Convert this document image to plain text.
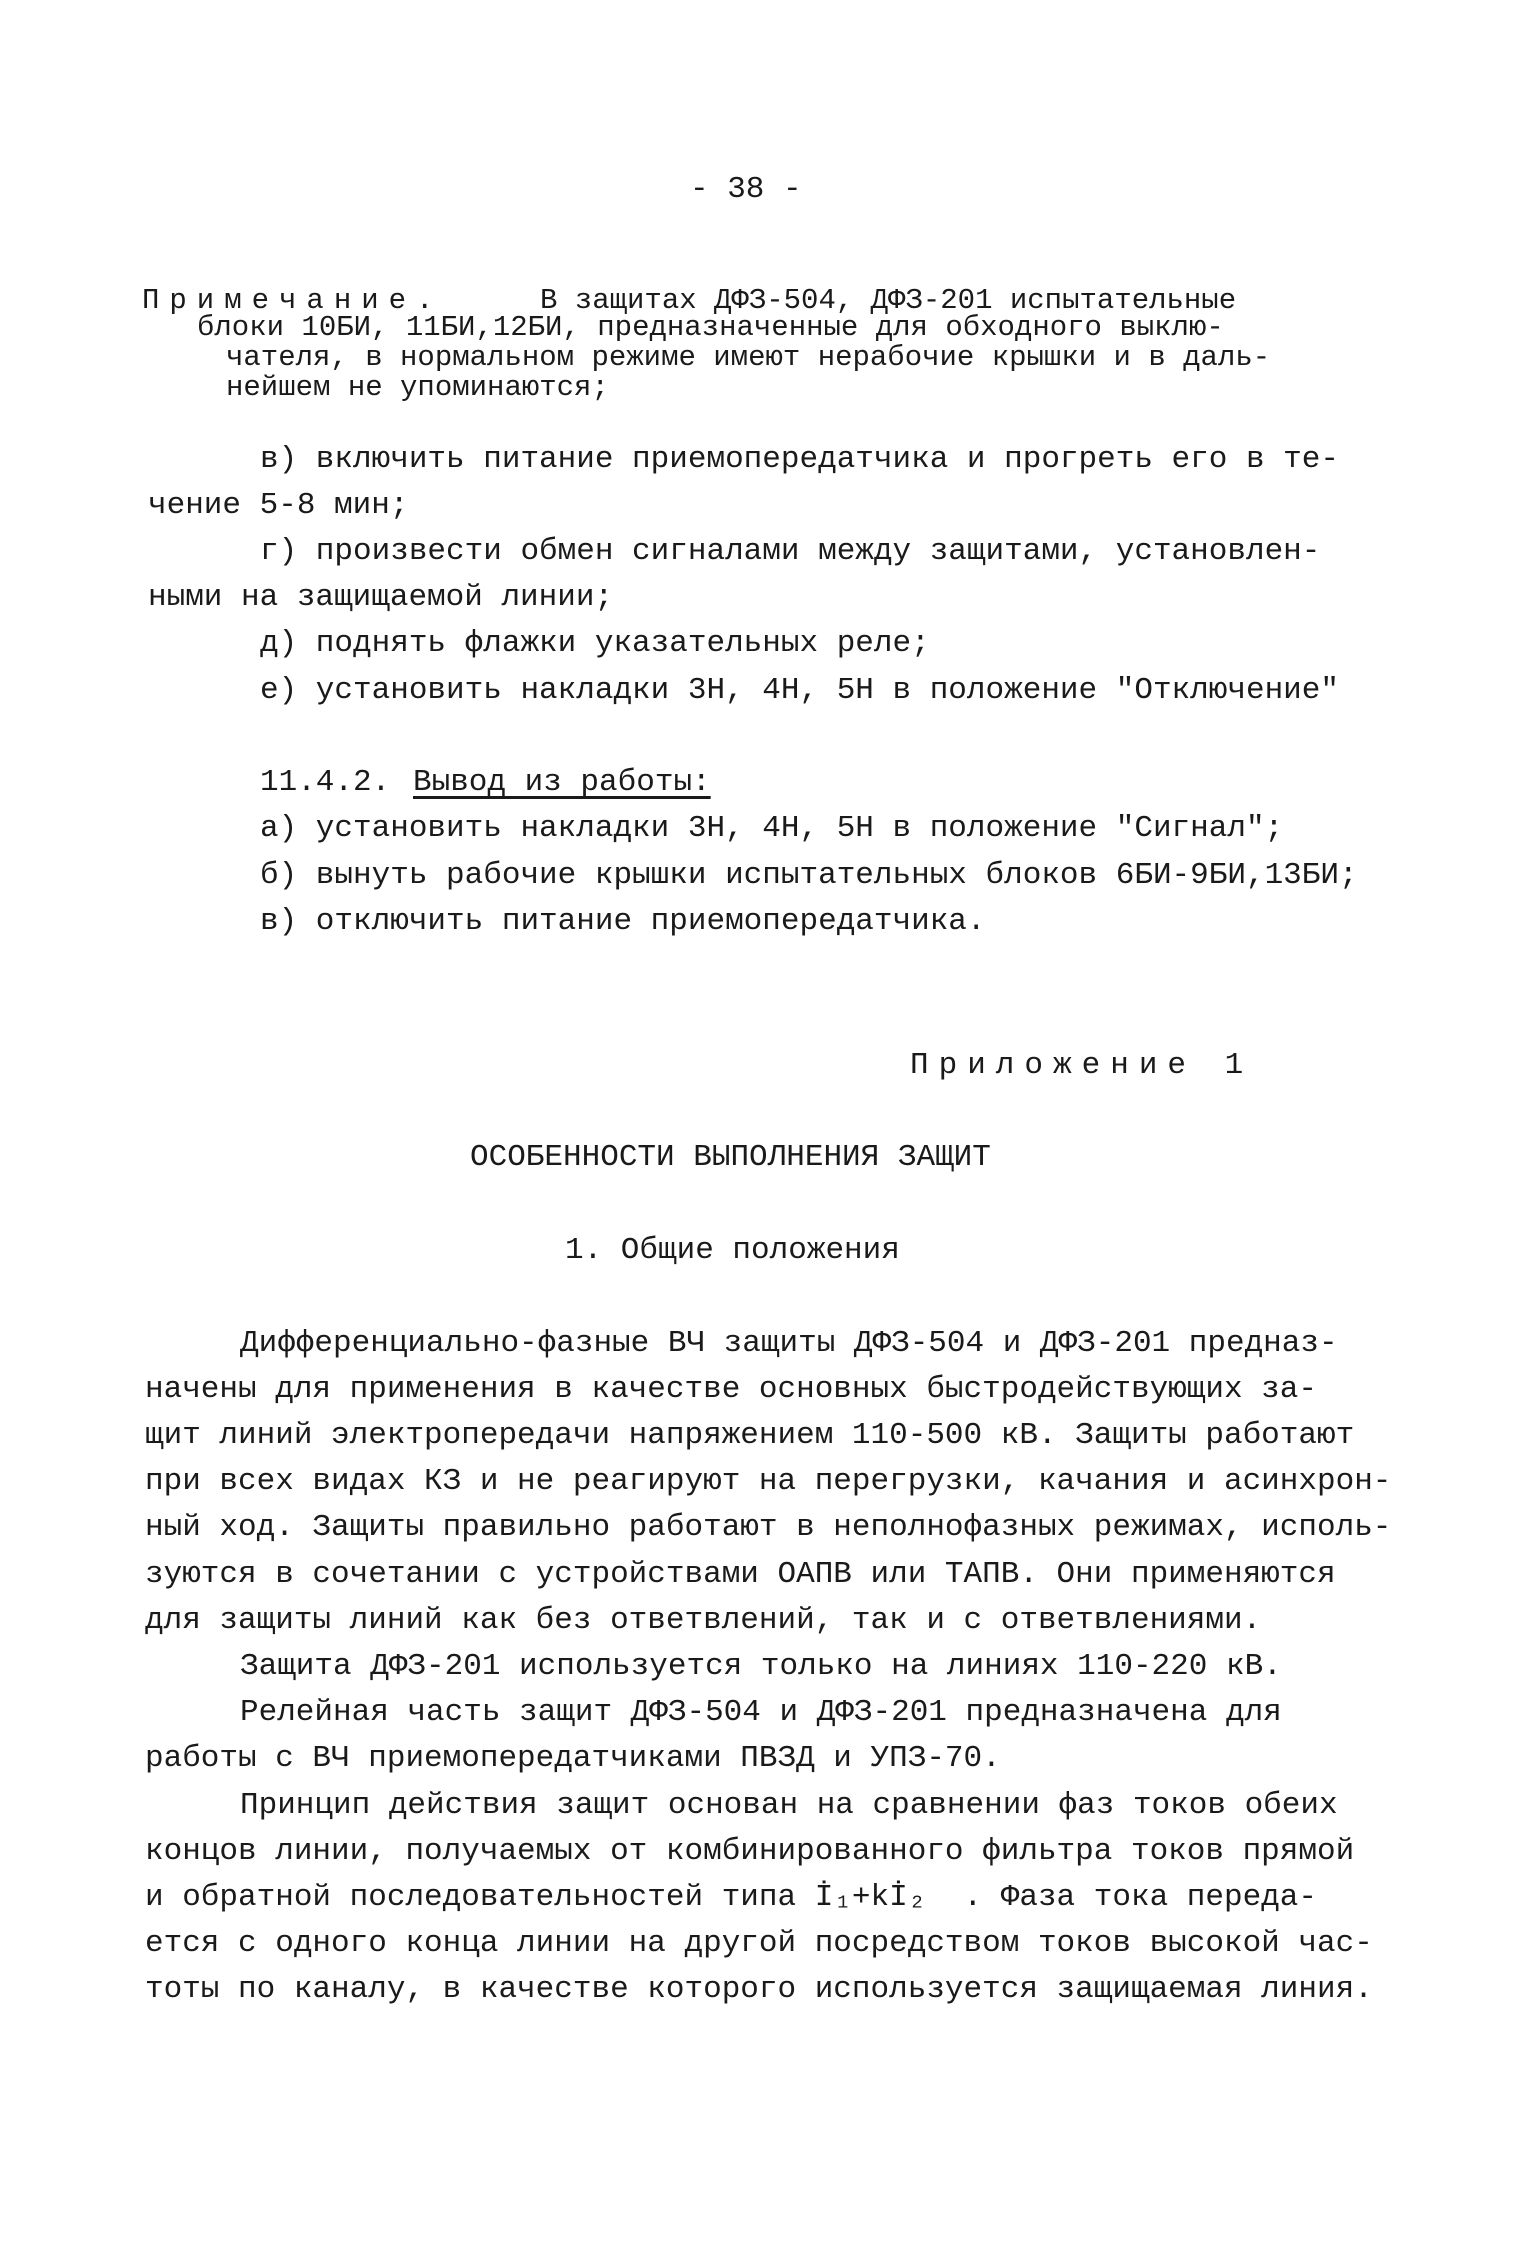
- 38 -
Примечание.	В защитах ДФЗ-504, ДФЗ-201 испытательные
блоки 10БИ, 11БИ,12БИ, предназначенные для обходного выклю-
чателя, в нормальном режиме имеют нерабочие крышки и в даль-
нейшем не упоминаются;
в) включить питание приемопередатчика и прогреть его в те-
чение 5-8 мин;
г) произвести обмен сигналами между защитами, установлен-
ными на защищаемой линии;
д) поднять флажки указательных реле;
е) установить накладки 3Н, 4Н, 5Н в положение "Отключение"
11.4.2. Вывод из работы:
а) установить накладки 3Н, 4Н, 5Н в положение "Сигнал";
б) вынуть рабочие крышки испытательных блоков 6БИ-9БИ,13БИ;
в) отключить питание приемопередатчика.
Приложение 1
ОСОБЕННОСТИ ВЫПОЛНЕНИЯ ЗАЩИТ
1. Общие положения
Дифференциально-фазные ВЧ защиты ДФЗ-504 и ДФЗ-201 предназ-
начены для применения в качестве основных быстродействующих за-
щит линий электропередачи напряжением 110-500 кВ. Защиты работают
при всех видах КЗ и не реагируют на перегрузки, качания и асинхрон-
ный ход. Защиты правильно работают в неполнофазных режимах, исполь-
зуются в сочетании с устройствами ОАПВ или ТАПВ. Они применяются
для защиты линий как без ответвлений, так и с ответвлениями.
Защита ДФЗ-201 используется только на линиях 110-220 кВ.
Релейная часть защит ДФЗ-504 и ДФЗ-201 предназначена для
работы с ВЧ приемопередатчиками ПВЗД и УПЗ-70.
Принцип действия защит основан на сравнении фаз токов обеих
концов линии, получаемых от комбинированного фильтра токов прямой
и обратной последовательностей типа İ₁+kİ₂  . Фаза тока переда-
ется с одного конца линии на другой посредством токов высокой час-
тоты по каналу, в качестве которого используется защищаемая линия.
